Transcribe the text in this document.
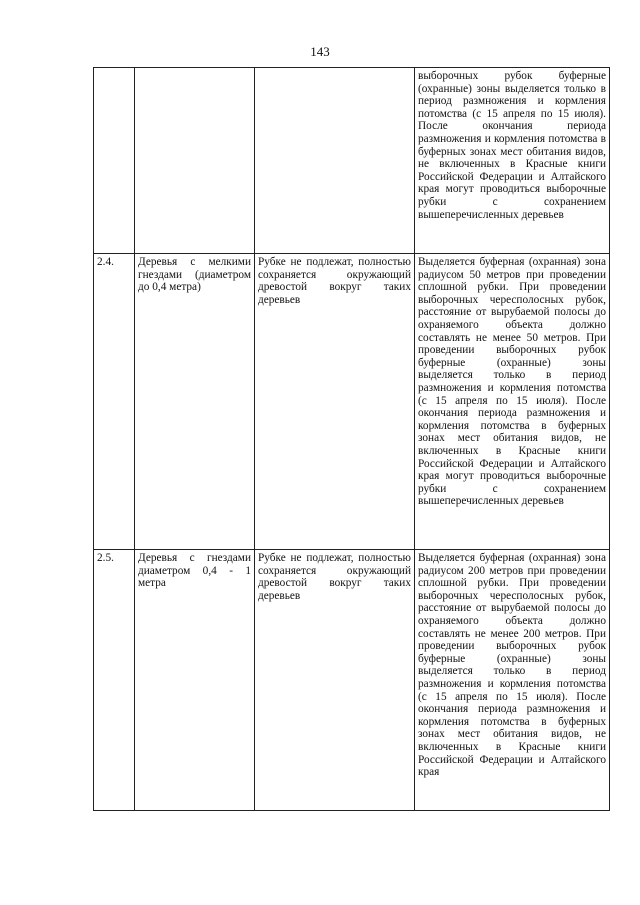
143
			выборочных рубок буферные (охранные) зоны выделяется только в период размножения и кормления потомства (с 15 апреля по 15 июля). После окончания периода размножения и кормления потомства в буферных зонах мест обитания видов, не включенных в Красные книги Российской Федерации и Алтайского края могут проводиться выборочные рубки с сохранением вышеперечисленных деревьев
2.4.	Деревья с мелкими гнездами (диаметром до 0,4 метра)	Рубке не подлежат, полностью сохраняется окружающий древостой вокруг таких деревьев	Выделяется буферная (охранная) зона радиусом 50 метров при проведении сплошной рубки. При проведении выборочных чересполосных рубок, расстояние от вырубаемой полосы до охраняемого объекта должно составлять не менее 50 метров. При проведении выборочных рубок буферные (охранные) зоны выделяется только в период размножения и кормления потомства (с 15 апреля по 15 июля). После окончания периода размножения и кормления потомства в буферных зонах мест обитания видов, не включенных в Красные книги Российской Федерации и Алтайского края могут проводиться выборочные рубки с сохранением вышеперечисленных деревьев
2.5.	Деревья с гнездами диаметром 0,4 - 1 метра	Рубке не подлежат, полностью сохраняется окружающий древостой вокруг таких деревьев	Выделяется буферная (охранная) зона радиусом 200 метров при проведении сплошной рубки. При проведении выборочных чересполосных рубок, расстояние от вырубаемой полосы до охраняемого объекта должно составлять не менее 200 метров. При проведении выборочных рубок буферные (охранные) зоны выделяется только в период размножения и кормления потомства (с 15 апреля по 15 июля). После окончания периода размножения и кормления потомства в буферных зонах мест обитания видов, не включенных в Красные книги Российской Федерации и Алтайского края
